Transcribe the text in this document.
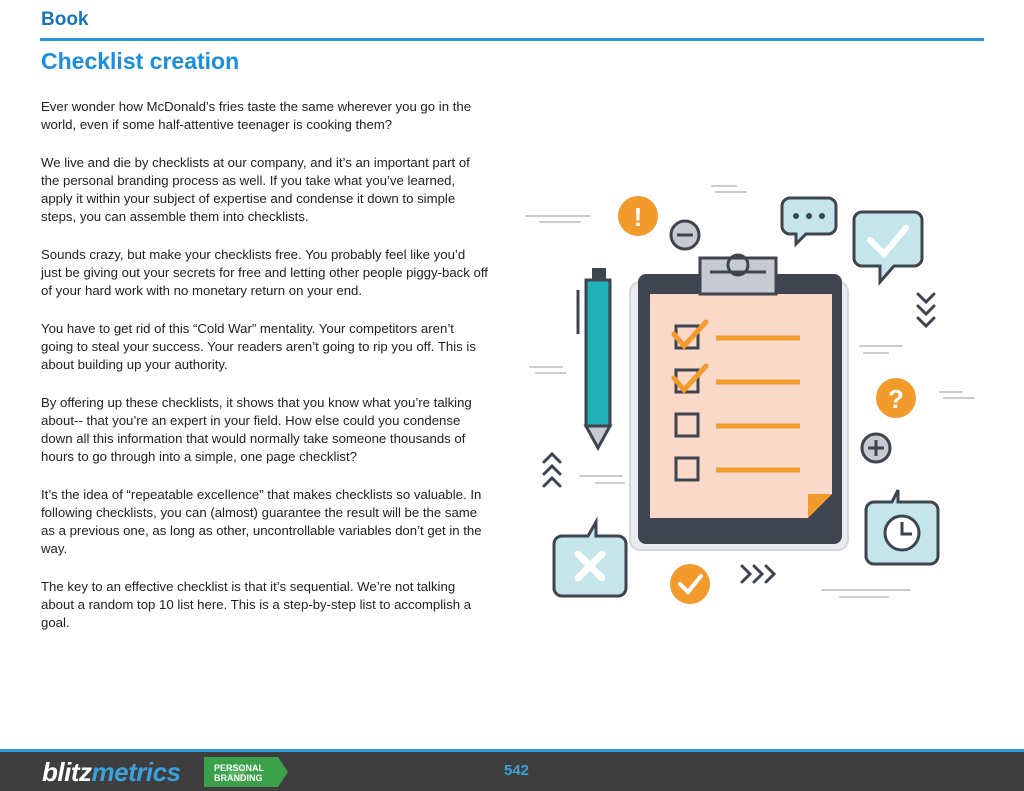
Book
Checklist creation

Ever wonder how McDonald’s fries taste the same wherever you go in the world, even if some half-attentive teenager is cooking them?

We live and die by checklists at our company, and it’s an important part of the personal branding process as well. If you take what you’ve learned, apply it within your subject of expertise and condense it down to simple steps, you can assemble them into checklists.

Sounds crazy, but make your checklists free. You probably feel like you’d just be giving out your secrets for free and letting other people piggy-back off of your hard work with no monetary return on your end.

You have to get rid of this “Cold War” mentality. Your competitors aren’t going to steal your success. Your readers aren’t going to rip you off. This is about building up your authority.

By offering up these checklists, it shows that you know what you’re talking about-- that you’re an expert in your field. How else could you condense down all this information that would normally take someone thousands of hours to go through into a simple, one page checklist?

It’s the idea of “repeatable excellence” that makes checklists so valuable. In following checklists, you can (almost) guarantee the result will be the same as a previous one, as long as other, uncontrollable variables don’t get in the way.

The key to an effective checklist is that it’s sequential. We’re not talking about a random top 10 list here. This is a step-by-step list to accomplish a goal.

!
?
blitzmetrics	PERSONAL
BRANDING	542
